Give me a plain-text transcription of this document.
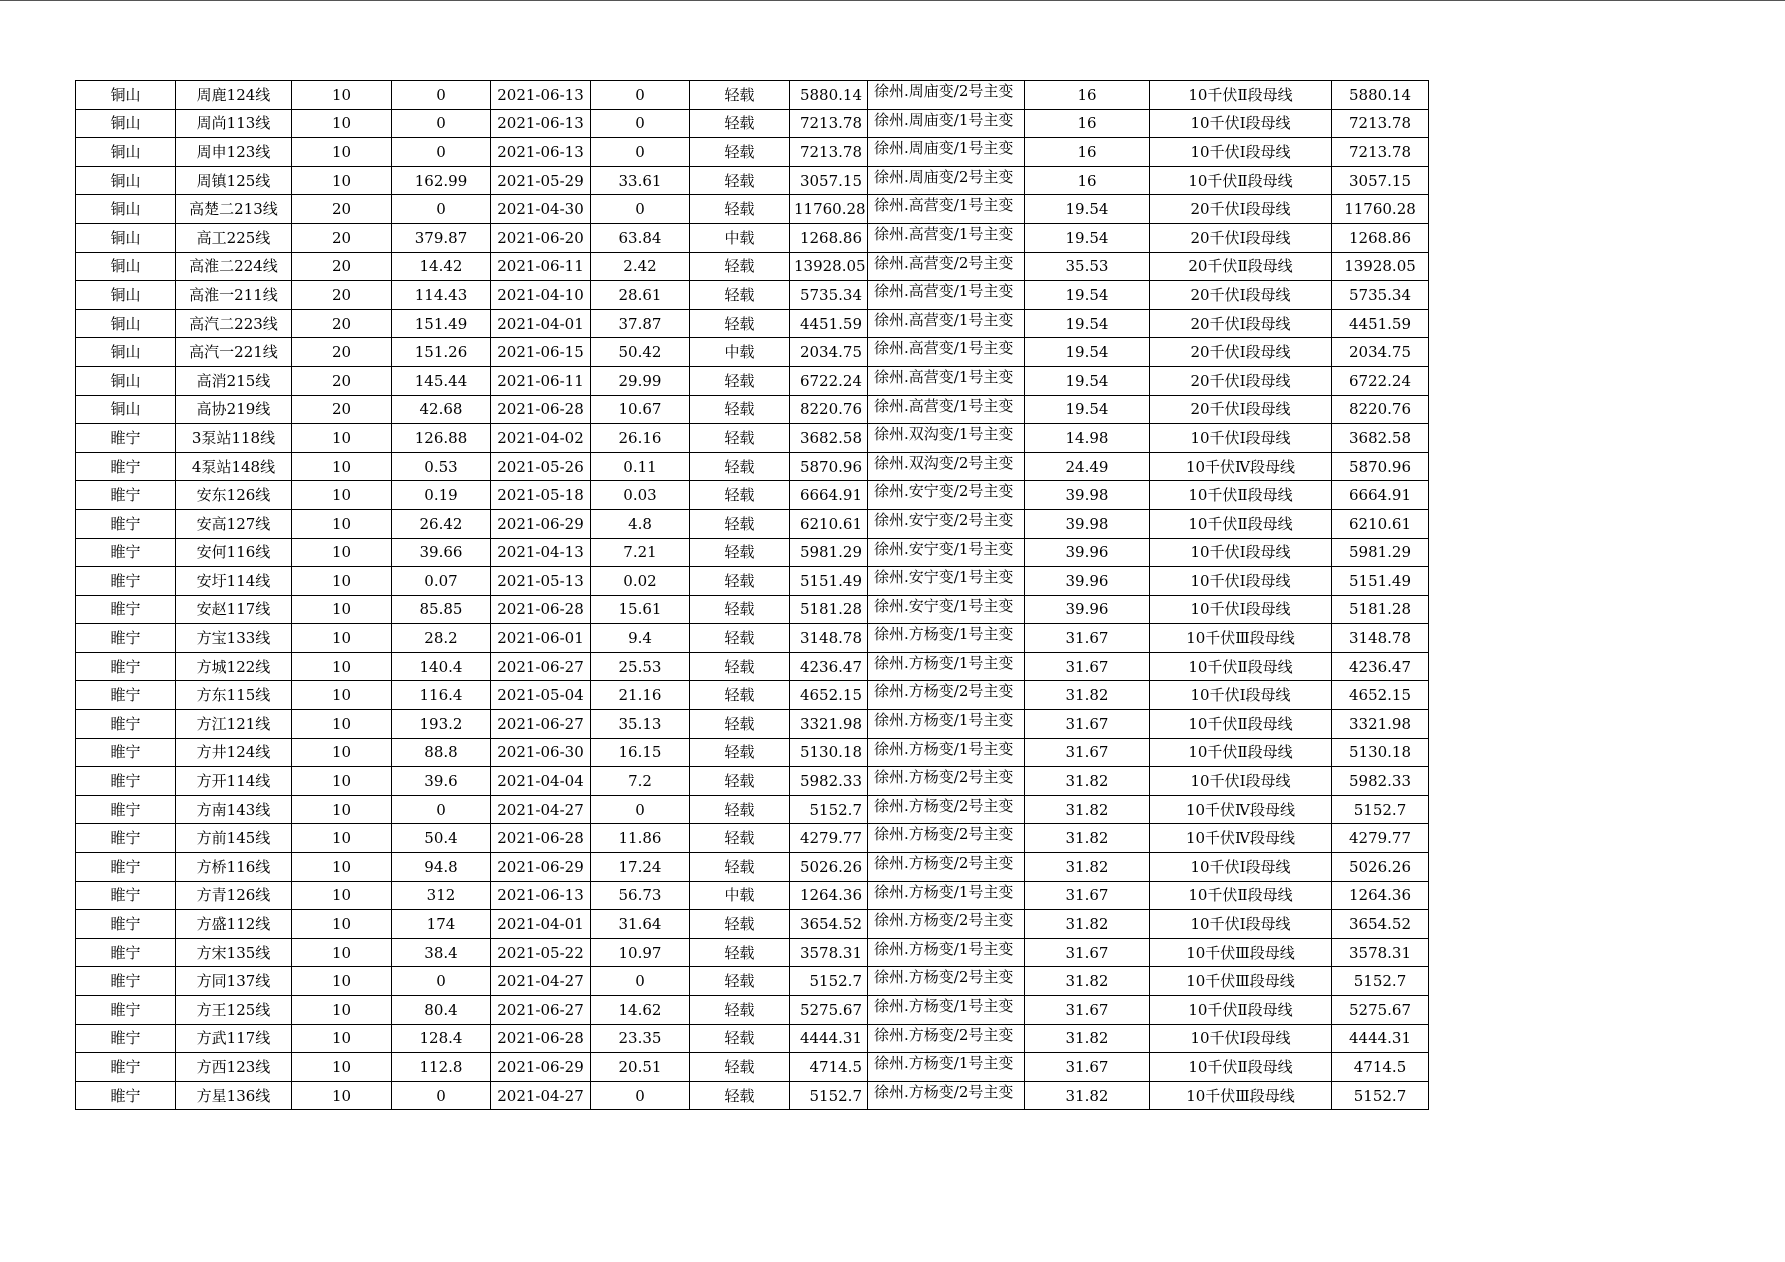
铜山	周鹿124线	10	0	2021-06-13	0	轻载	5880.14	徐州.周庙变/2号主变	16	10千伏Ⅱ段母线	5880.14
铜山	周尚113线	10	0	2021-06-13	0	轻载	7213.78	徐州.周庙变/1号主变	16	10千伏Ⅰ段母线	7213.78
铜山	周申123线	10	0	2021-06-13	0	轻载	7213.78	徐州.周庙变/1号主变	16	10千伏Ⅰ段母线	7213.78
铜山	周镇125线	10	162.99	2021-05-29	33.61	轻载	3057.15	徐州.周庙变/2号主变	16	10千伏Ⅱ段母线	3057.15
铜山	高楚二213线	20	0	2021-04-30	0	轻载	11760.28	徐州.高营变/1号主变	19.54	20千伏Ⅰ段母线	11760.28
铜山	高工225线	20	379.87	2021-06-20	63.84	中载	1268.86	徐州.高营变/1号主变	19.54	20千伏Ⅰ段母线	1268.86
铜山	高淮二224线	20	14.42	2021-06-11	2.42	轻载	13928.05	徐州.高营变/2号主变	35.53	20千伏Ⅱ段母线	13928.05
铜山	高淮一211线	20	114.43	2021-04-10	28.61	轻载	5735.34	徐州.高营变/1号主变	19.54	20千伏Ⅰ段母线	5735.34
铜山	高汽二223线	20	151.49	2021-04-01	37.87	轻载	4451.59	徐州.高营变/1号主变	19.54	20千伏Ⅰ段母线	4451.59
铜山	高汽一221线	20	151.26	2021-06-15	50.42	中载	2034.75	徐州.高营变/1号主变	19.54	20千伏Ⅰ段母线	2034.75
铜山	高消215线	20	145.44	2021-06-11	29.99	轻载	6722.24	徐州.高营变/1号主变	19.54	20千伏Ⅰ段母线	6722.24
铜山	高协219线	20	42.68	2021-06-28	10.67	轻载	8220.76	徐州.高营变/1号主变	19.54	20千伏Ⅰ段母线	8220.76
睢宁	3泵站118线	10	126.88	2021-04-02	26.16	轻载	3682.58	徐州.双沟变/1号主变	14.98	10千伏Ⅰ段母线	3682.58
睢宁	4泵站148线	10	0.53	2021-05-26	0.11	轻载	5870.96	徐州.双沟变/2号主变	24.49	10千伏Ⅳ段母线	5870.96
睢宁	安东126线	10	0.19	2021-05-18	0.03	轻载	6664.91	徐州.安宁变/2号主变	39.98	10千伏Ⅱ段母线	6664.91
睢宁	安高127线	10	26.42	2021-06-29	4.8	轻载	6210.61	徐州.安宁变/2号主变	39.98	10千伏Ⅱ段母线	6210.61
睢宁	安何116线	10	39.66	2021-04-13	7.21	轻载	5981.29	徐州.安宁变/1号主变	39.96	10千伏Ⅰ段母线	5981.29
睢宁	安圩114线	10	0.07	2021-05-13	0.02	轻载	5151.49	徐州.安宁变/1号主变	39.96	10千伏Ⅰ段母线	5151.49
睢宁	安赵117线	10	85.85	2021-06-28	15.61	轻载	5181.28	徐州.安宁变/1号主变	39.96	10千伏Ⅰ段母线	5181.28
睢宁	方宝133线	10	28.2	2021-06-01	9.4	轻载	3148.78	徐州.方杨变/1号主变	31.67	10千伏Ⅲ段母线	3148.78
睢宁	方城122线	10	140.4	2021-06-27	25.53	轻载	4236.47	徐州.方杨变/1号主变	31.67	10千伏Ⅱ段母线	4236.47
睢宁	方东115线	10	116.4	2021-05-04	21.16	轻载	4652.15	徐州.方杨变/2号主变	31.82	10千伏Ⅰ段母线	4652.15
睢宁	方江121线	10	193.2	2021-06-27	35.13	轻载	3321.98	徐州.方杨变/1号主变	31.67	10千伏Ⅱ段母线	3321.98
睢宁	方井124线	10	88.8	2021-06-30	16.15	轻载	5130.18	徐州.方杨变/1号主变	31.67	10千伏Ⅱ段母线	5130.18
睢宁	方开114线	10	39.6	2021-04-04	7.2	轻载	5982.33	徐州.方杨变/2号主变	31.82	10千伏Ⅰ段母线	5982.33
睢宁	方南143线	10	0	2021-04-27	0	轻载	5152.7	徐州.方杨变/2号主变	31.82	10千伏Ⅳ段母线	5152.7
睢宁	方前145线	10	50.4	2021-06-28	11.86	轻载	4279.77	徐州.方杨变/2号主变	31.82	10千伏Ⅳ段母线	4279.77
睢宁	方桥116线	10	94.8	2021-06-29	17.24	轻载	5026.26	徐州.方杨变/2号主变	31.82	10千伏Ⅰ段母线	5026.26
睢宁	方青126线	10	312	2021-06-13	56.73	中载	1264.36	徐州.方杨变/1号主变	31.67	10千伏Ⅱ段母线	1264.36
睢宁	方盛112线	10	174	2021-04-01	31.64	轻载	3654.52	徐州.方杨变/2号主变	31.82	10千伏Ⅰ段母线	3654.52
睢宁	方宋135线	10	38.4	2021-05-22	10.97	轻载	3578.31	徐州.方杨变/1号主变	31.67	10千伏Ⅲ段母线	3578.31
睢宁	方同137线	10	0	2021-04-27	0	轻载	5152.7	徐州.方杨变/2号主变	31.82	10千伏Ⅲ段母线	5152.7
睢宁	方王125线	10	80.4	2021-06-27	14.62	轻载	5275.67	徐州.方杨变/1号主变	31.67	10千伏Ⅱ段母线	5275.67
睢宁	方武117线	10	128.4	2021-06-28	23.35	轻载	4444.31	徐州.方杨变/2号主变	31.82	10千伏Ⅰ段母线	4444.31
睢宁	方西123线	10	112.8	2021-06-29	20.51	轻载	4714.5	徐州.方杨变/1号主变	31.67	10千伏Ⅱ段母线	4714.5
睢宁	方星136线	10	0	2021-04-27	0	轻载	5152.7	徐州.方杨变/2号主变	31.82	10千伏Ⅲ段母线	5152.7
